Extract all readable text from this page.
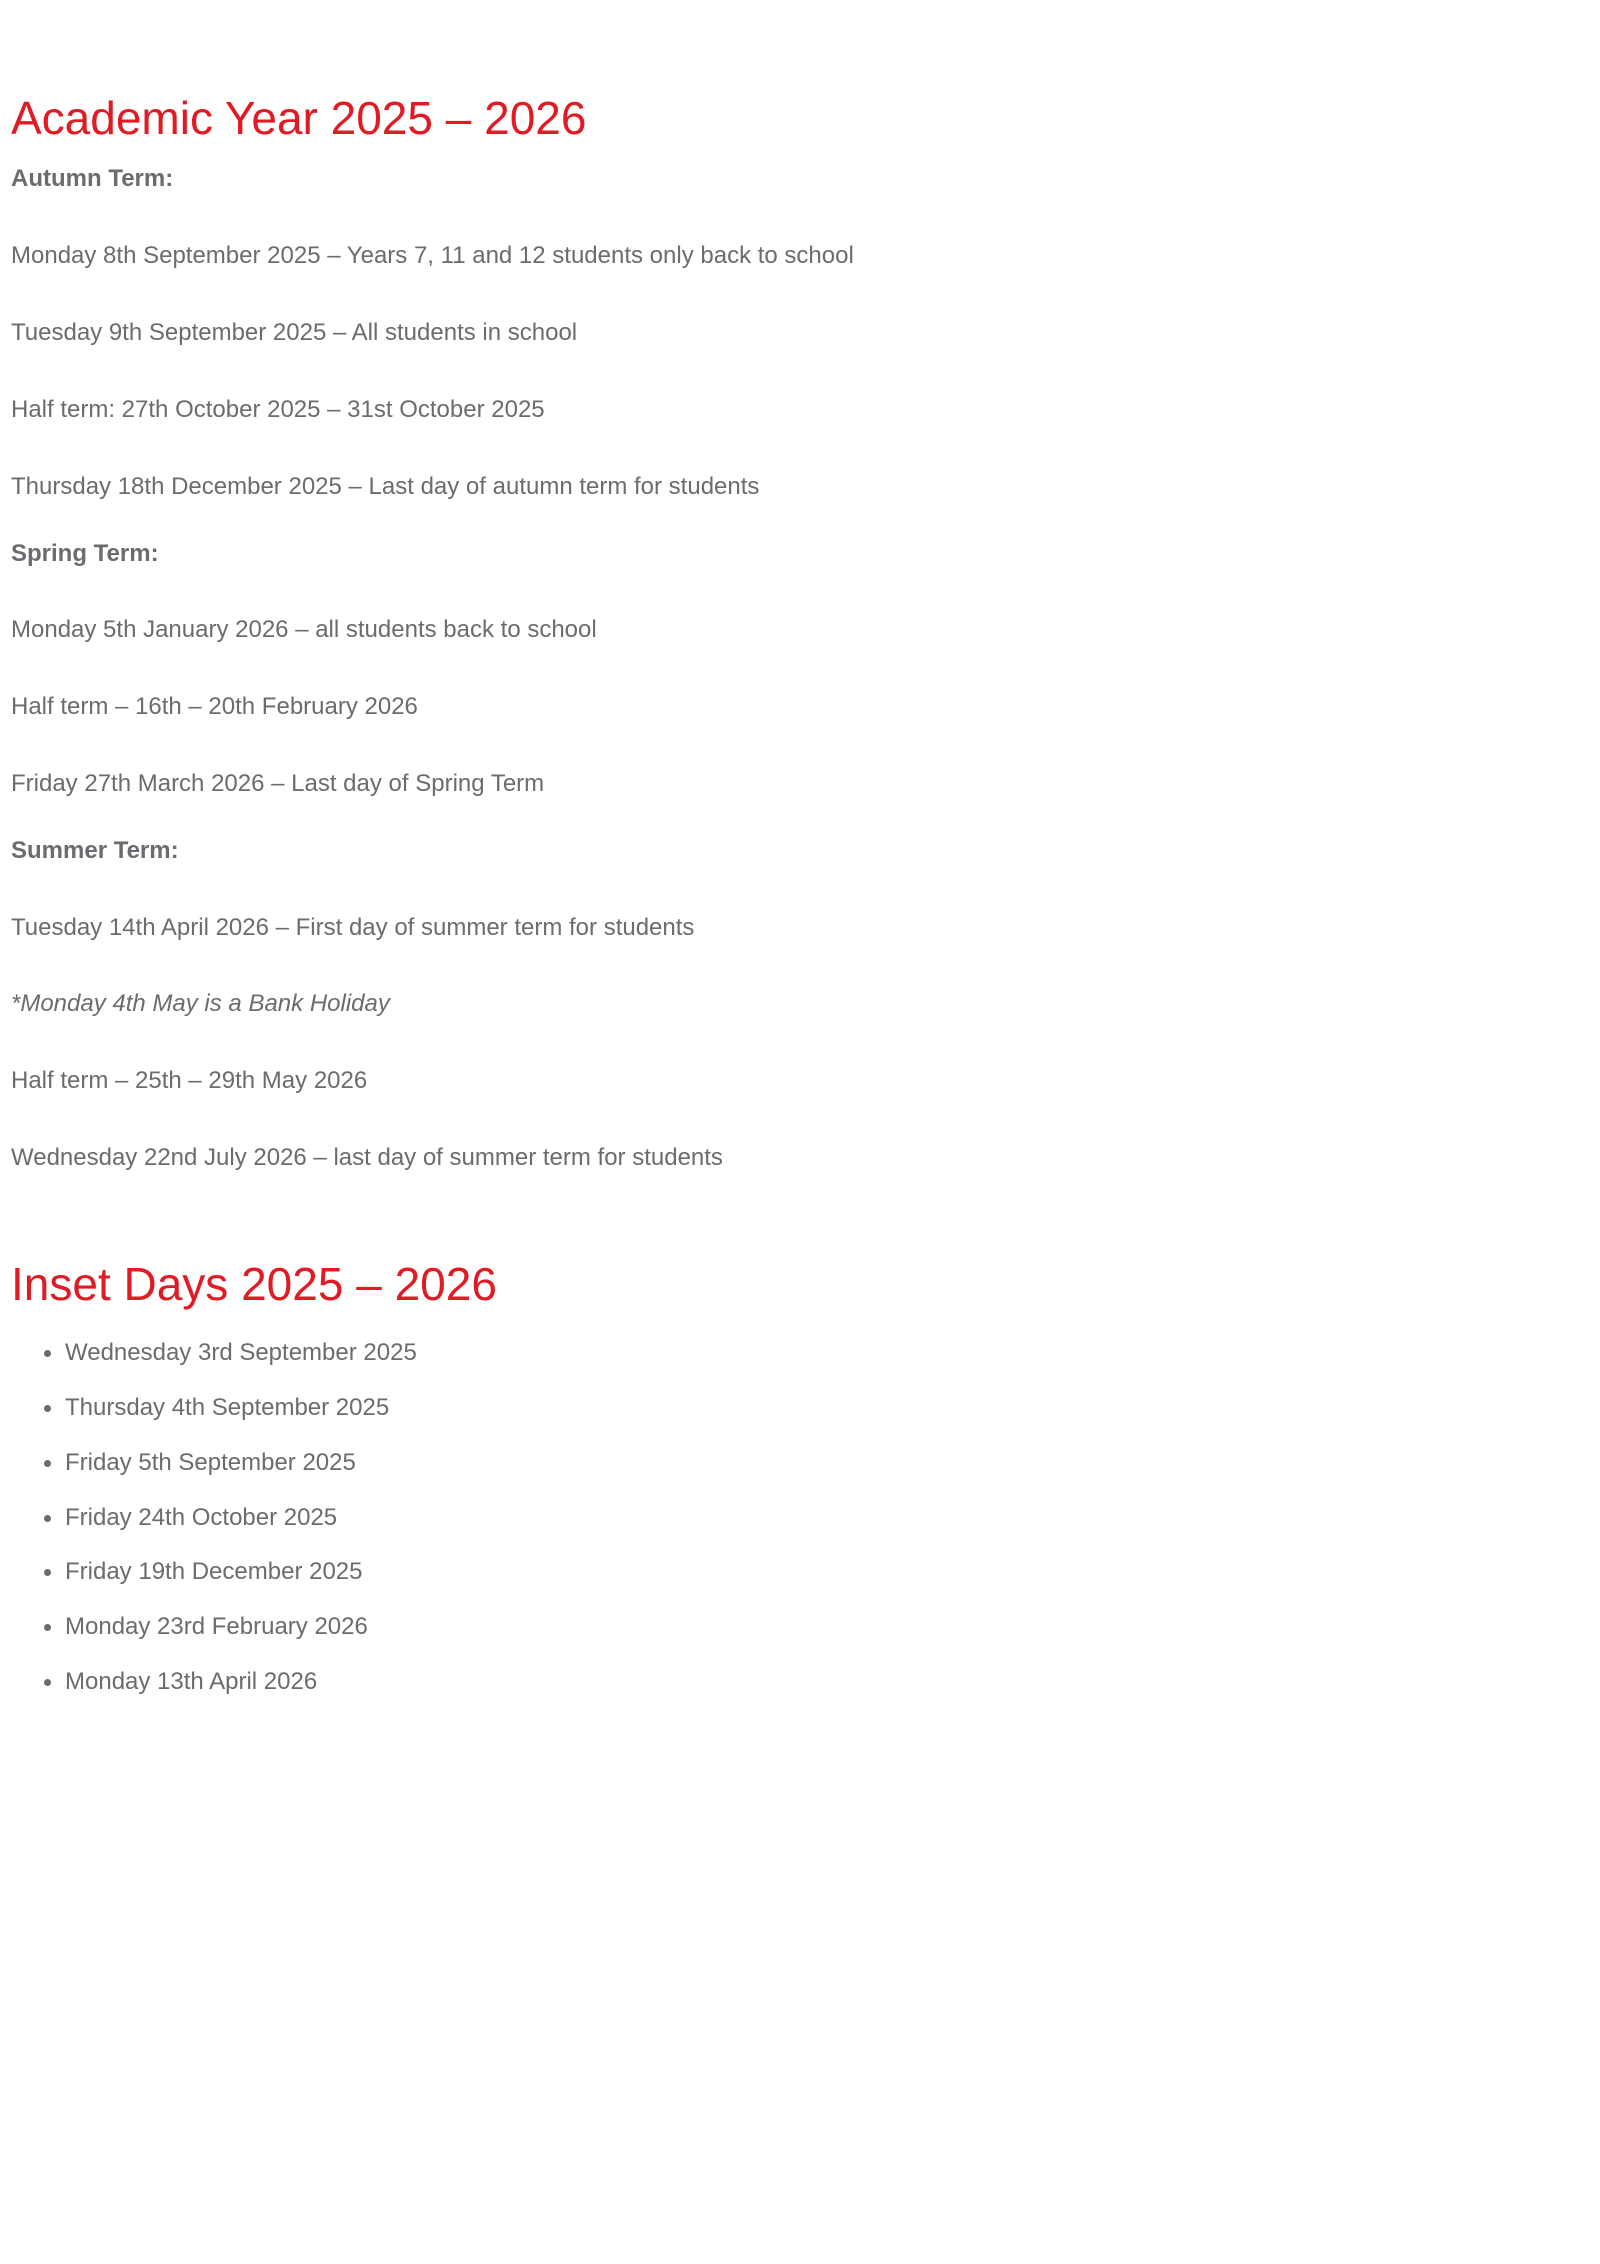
Academic Year 2025 – 2026
Autumn Term:
Monday 8th September 2025 – Years 7, 11 and 12 students only back to school
Tuesday 9th September 2025 – All students in school
Half term: 27th October 2025 – 31st October 2025
Thursday 18th December 2025 – Last day of autumn term for students
Spring Term:
Monday 5th January 2026 – all students back to school
Half term – 16th – 20th February 2026
Friday 27th March 2026 – Last day of Spring Term
Summer Term:
Tuesday 14th April 2026 – First day of summer term for students
*Monday 4th May is a Bank Holiday
Half term – 25th – 29th May 2026
Wednesday 22nd July 2026 – last day of summer term for students
Inset Days 2025 – 2026
Wednesday 3rd September 2025
Thursday 4th September 2025
Friday 5th September 2025
Friday 24th October 2025
Friday 19th December 2025
Monday 23rd February 2026
Monday 13th April 2026
